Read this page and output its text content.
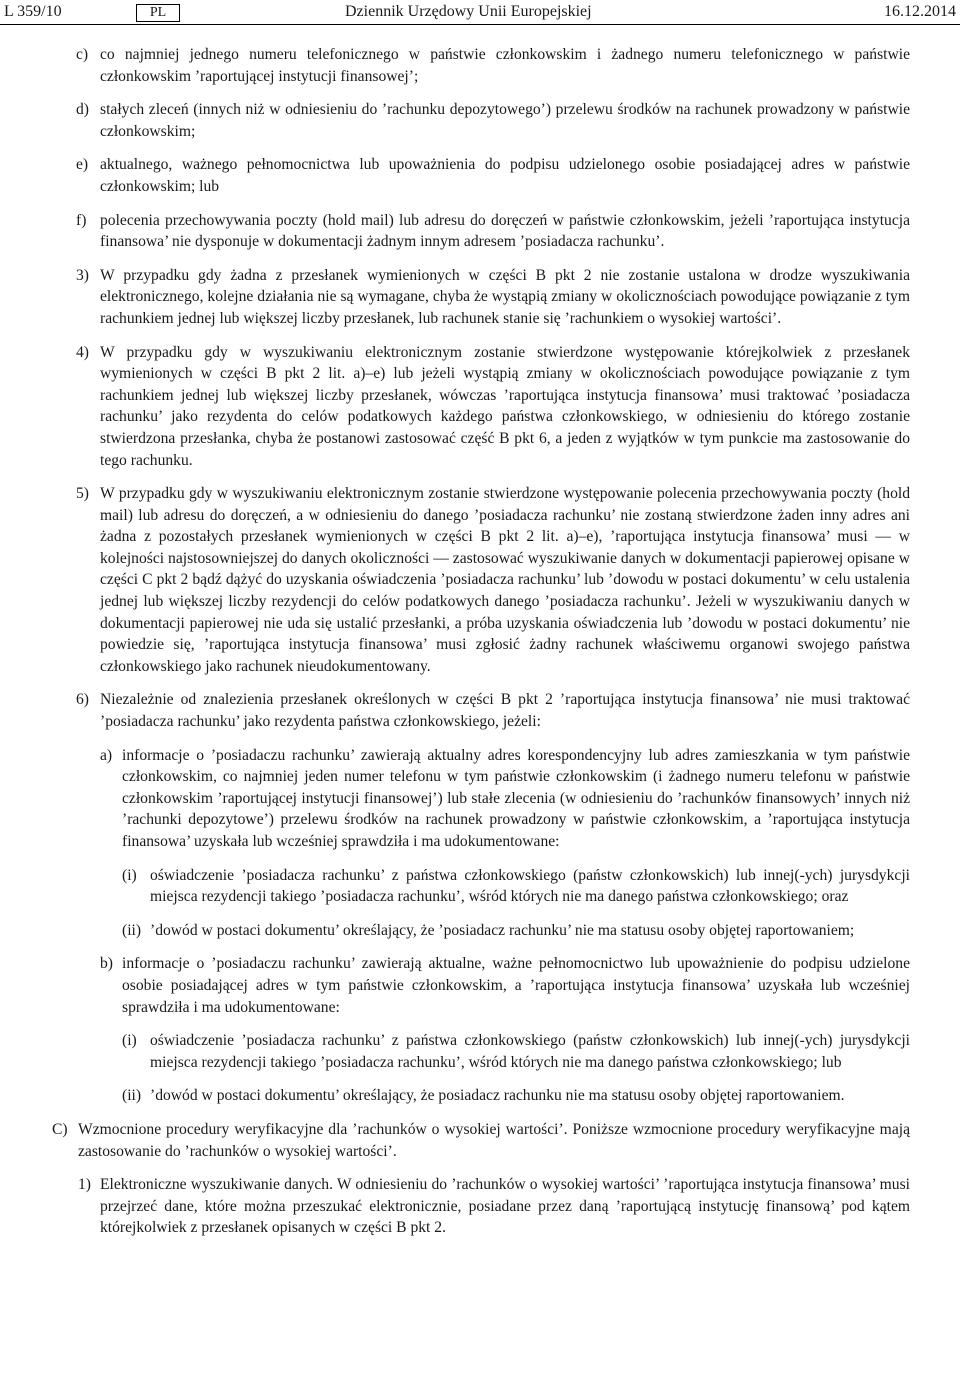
L 359/10	PL	Dziennik Urzędowy Unii Europejskiej	16.12.2014
c) co najmniej jednego numeru telefonicznego w państwie członkowskim i żadnego numeru telefonicznego w państwie członkowskim ’raportującej instytucji finansowej’;
d) stałych zleceń (innych niż w odniesieniu do ’rachunku depozytowego’) przelewu środków na rachunek prowadzony w państwie członkowskim;
e) aktualnego, ważnego pełnomocnictwa lub upoważnienia do podpisu udzielonego osobie posiadającej adres w państwie członkowskim; lub
f) polecenia przechowywania poczty (hold mail) lub adresu do doręczeń w państwie członkowskim, jeżeli ’raportująca instytucja finansowa’ nie dysponuje w dokumentacji żadnym innym adresem ’posiadacza rachunku’.
3) W przypadku gdy żadna z przesłanek wymienionych w części B pkt 2 nie zostanie ustalona w drodze wyszukiwania elektronicznego, kolejne działania nie są wymagane, chyba że wystąpią zmiany w okolicznościach powodujące powiązanie z tym rachunkiem jednej lub większej liczby przesłanek, lub rachunek stanie się ’rachunkiem o wysokiej wartości’.
4) W przypadku gdy w wyszukiwaniu elektronicznym zostanie stwierdzone występowanie którejkolwiek z przesłanek wymienionych w części B pkt 2 lit. a)–e) lub jeżeli wystąpią zmiany w okolicznościach powodujące powiązanie z tym rachunkiem jednej lub większej liczby przesłanek, wówczas ’raportująca instytucja finansowa’ musi traktować ’posiadacza rachunku’ jako rezydenta do celów podatkowych każdego państwa członkowskiego, w odniesieniu do którego zostanie stwierdzona przesłanka, chyba że postanowi zastosować część B pkt 6, a jeden z wyjątków w tym punkcie ma zastosowanie do tego rachunku.
5) W przypadku gdy w wyszukiwaniu elektronicznym zostanie stwierdzone występowanie polecenia przechowywania poczty (hold mail) lub adresu do doręczeń, a w odniesieniu do danego ’posiadacza rachunku’ nie zostaną stwierdzone żaden inny adres ani żadna z pozostałych przesłanek wymienionych w części B pkt 2 lit. a)–e), ’raportująca instytucja finansowa’ musi — w kolejności najstosowniejszej do danych okoliczności — zastosować wyszukiwanie danych w dokumentacji papierowej opisane w części C pkt 2 bądź dążyć do uzyskania oświadczenia ’posiadacza rachunku’ lub ’dowodu w postaci dokumentu’ w celu ustalenia jednej lub większej liczby rezydencji do celów podatkowych danego ’posiadacza rachunku’. Jeżeli w wyszukiwaniu danych w dokumentacji papierowej nie uda się ustalić przesłanki, a próba uzyskania oświadczenia lub ’dowodu w postaci dokumentu’ nie powiedzie się, ’raportująca instytucja finansowa’ musi zgłosić żadny rachunek właściwemu organowi swojego państwa członkowskiego jako rachunek nieudokumentowany.
6) Niezależnie od znalezienia przesłanek określonych w części B pkt 2 ’raportująca instytucja finansowa’ nie musi traktować ’posiadacza rachunku’ jako rezydenta państwa członkowskiego, jeżeli:
a) informacje o ’posiadaczu rachunku’ zawierają aktualny adres korespondencyjny lub adres zamieszkania w tym państwie członkowskim, co najmniej jeden numer telefonu w tym państwie członkowskim (i żadnego numeru telefonu w państwie członkowskim ’raportującej instytucji finansowej’) lub stałe zlecenia (w odniesieniu do ’rachunków finansowych’ innych niż ’rachunki depozytowe’) przelewu środków na rachunek prowadzony w państwie członkowskim, a ’raportująca instytucja finansowa’ uzyskała lub wcześniej sprawdziła i ma udokumentowane:
(i) oświadczenie ’posiadacza rachunku’ z państwa członkowskiego (państw członkowskich) lub innej(-ych) jurysdykcji miejsca rezydencji takiego ’posiadacza rachunku’, wśród których nie ma danego państwa członkowskiego; oraz
(ii) ’dowód w postaci dokumentu’ określający, że ’posiadacz rachunku’ nie ma statusu osoby objętej raportowaniem;
b) informacje o ’posiadaczu rachunku’ zawierają aktualne, ważne pełnomocnictwo lub upoważnienie do podpisu udzielone osobie posiadającej adres w tym państwie członkowskim, a ’raportująca instytucja finansowa’ uzyskała lub wcześniej sprawdziła i ma udokumentowane:
(i) oświadczenie ’posiadacza rachunku’ z państwa członkowskiego (państw członkowskich) lub innej(-ych) jurysdykcji miejsca rezydencji takiego ’posiadacza rachunku’, wśród których nie ma danego państwa członkowskiego; lub
(ii) ’dowód w postaci dokumentu’ określający, że posiadacz rachunku nie ma statusu osoby objętej raportowaniem.
C) Wzmocnione procedury weryfikacyjne dla ’rachunków o wysokiej wartości’. Poniższe wzmocnione procedury weryfikacyjne mają zastosowanie do ’rachunków o wysokiej wartości’.
1) Elektroniczne wyszukiwanie danych. W odniesieniu do ’rachunków o wysokiej wartości’ ’raportująca instytucja finansowa’ musi przejrzeć dane, które można przeszukać elektronicznie, posiadane przez daną ’raportującą instytucję finansową’ pod kątem którejkolwiek z przesłanek opisanych w części B pkt 2.
